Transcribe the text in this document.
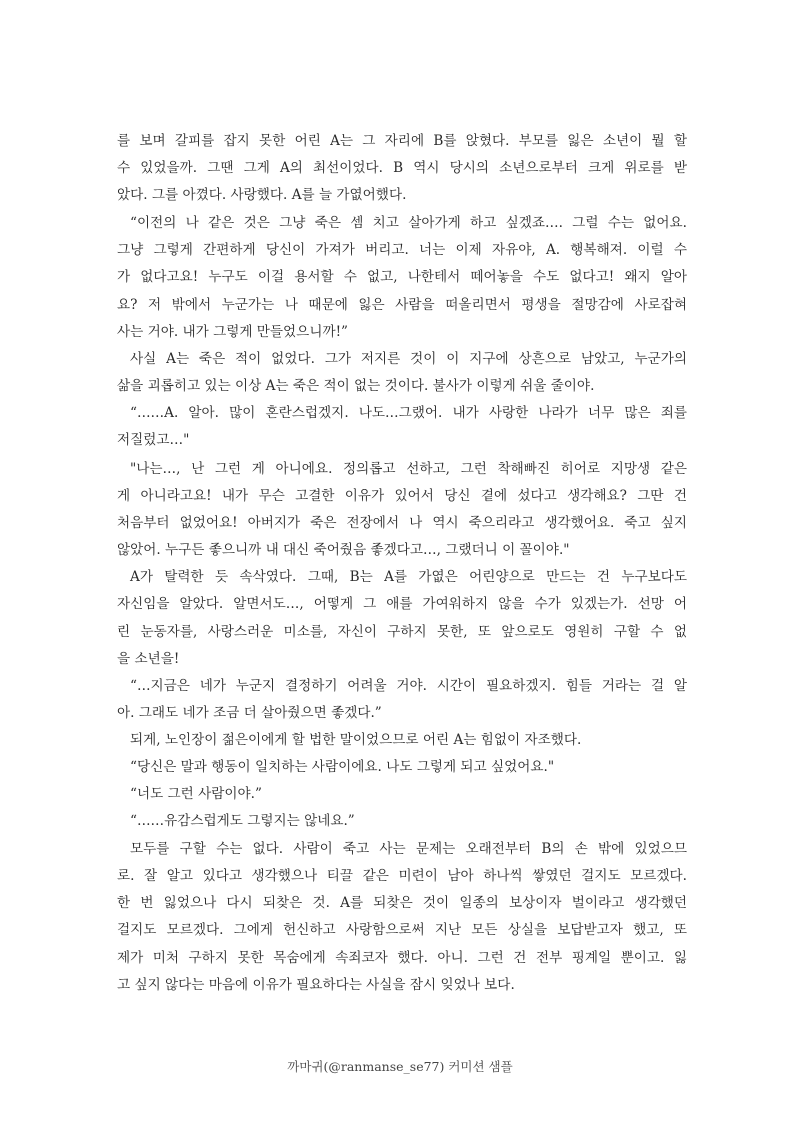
를 보며 갈피를 잡지 못한 어린 A는 그 자리에 B를 앉혔다. 부모를 잃은 소년이 뭘 할
수 있었을까. 그땐 그게 A의 최선이었다. B 역시 당시의 소년으로부터 크게 위로를 받
았다. 그를 아꼈다. 사랑했다. A를 늘 가엾어했다.
“이전의 나 같은 것은 그냥 죽은 셈 치고 살아가게 하고 싶겠죠…. 그럴 수는 없어요.
그냥 그렇게 간편하게 당신이 가져가 버리고. 너는 이제 자유야, A. 행복해져. 이럴 수
가 없다고요! 누구도 이걸 용서할 수 없고, 나한테서 떼어놓을 수도 없다고! 왜지 알아
요? 저 밖에서 누군가는 나 때문에 잃은 사람을 떠올리면서 평생을 절망감에 사로잡혀
사는 거야. 내가 그렇게 만들었으니까!”
사실 A는 죽은 적이 없었다. 그가 저지른 것이 이 지구에 상흔으로 남았고, 누군가의
삶을 괴롭히고 있는 이상 A는 죽은 적이 없는 것이다. 불사가 이렇게 쉬울 줄이야.
“……A. 알아. 많이 혼란스럽겠지. 나도…그랬어. 내가 사랑한 나라가 너무 많은 죄를
저질렀고…"
"나는…, 난 그런 게 아니에요. 정의롭고 선하고, 그런 착해빠진 히어로 지망생 같은
게 아니라고요! 내가 무슨 고결한 이유가 있어서 당신 곁에 섰다고 생각해요? 그딴 건
처음부터 없었어요! 아버지가 죽은 전장에서 나 역시 죽으리라고 생각했어요. 죽고 싶지
않았어. 누구든 좋으니까 내 대신 죽어줬음 좋겠다고…, 그랬더니 이 꼴이야."
A가 탈력한 듯 속삭였다. 그때, B는 A를 가엾은 어린양으로 만드는 건 누구보다도
자신임을 알았다. 알면서도…, 어떻게 그 애를 가여워하지 않을 수가 있겠는가. 선망 어
린 눈동자를, 사랑스러운 미소를, 자신이 구하지 못한, 또 앞으로도 영원히 구할 수 없
을 소년을!
“…지금은 네가 누군지 결정하기 어려울 거야. 시간이 필요하겠지. 힘들 거라는 걸 알
아. 그래도 네가 조금 더 살아줬으면 좋겠다.”
되게, 노인장이 젊은이에게 할 법한 말이었으므로 어린 A는 힘없이 자조했다.
“당신은 말과 행동이 일치하는 사람이에요. 나도 그렇게 되고 싶었어요."
“너도 그런 사람이야.”
“……유감스럽게도 그렇지는 않네요.”
모두를 구할 수는 없다. 사람이 죽고 사는 문제는 오래전부터 B의 손 밖에 있었으므
로. 잘 알고 있다고 생각했으나 티끌 같은 미련이 남아 하나씩 쌓였던 걸지도 모르겠다.
한 번 잃었으나 다시 되찾은 것. A를 되찾은 것이 일종의 보상이자 벌이라고 생각했던
걸지도 모르겠다. 그에게 헌신하고 사랑함으로써 지난 모든 상실을 보답받고자 했고, 또
제가 미처 구하지 못한 목숨에게 속죄코자 했다. 아니. 그런 건 전부 핑계일 뿐이고. 잃
고 싶지 않다는 마음에 이유가 필요하다는 사실을 잠시 잊었나 보다.
까마귀(@ranmanse_se77) 커미션 샘플
